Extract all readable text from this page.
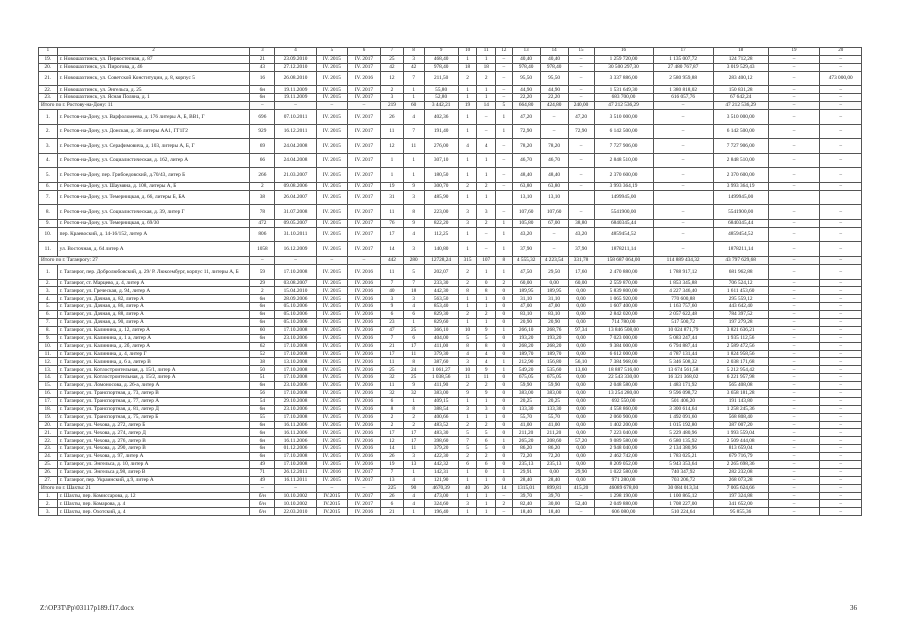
1	2	3	4	5	6	7	8	9	10	11	12	13	14	15	16	17	18	19	20
19.	г. Новошахтинск, ул. Первостепная, д. 87	21	23.09.2010	IV. 2015	IV. 2017	25	3	468,40	1	1	–	40,40	40,40	–	1 259 720,00	1 135 007,72	124 712,28	–	–
20.	г. Новошахтинск, ул. Пирогова, д. 46	43	27.12.2010	IV. 2015	IV. 2017	42	42	978,40	18	18	–	978,40	978,40	–	30 500 297,30	27 480 767,87	3 019 529,43	–	–
21.	г. Новошахтинск, ул. Советской Конституции, д. 8, корпус 5	16	26.08.2010	IV. 2015	IV. 2016	12	7	211,50	2	2	–	95,50	95,50	–	3 337 886,00	2 580 959,88	283 400,12	–	473 000,00
22.	г. Новошахтинск, ул. Энгельса, д. 25	6н	19.11.2009	IV. 2015	IV. 2017	2	1	55,80	1	1	–	44,90	44,90	–	1 531 649,30	1 380 818,02	150 831,28	–	–
23.	г. Новошахтинск, ул. Ясная Поляна, д. 1	6н	19.11.2009	IV. 2015	IV. 2017	3	1	52,80	1	1	–	22,20	22,20	–	683 700,00	616 057,76	67 642,24	–	–
Итого по г. Ростову-на-Дону: 11		–	–	–	–	219	60	3 442,21	19	14	5	664,80	424,80	240,00	47 212 536,29	–	47 212 536,29	–	–
1.	г. Ростов-на-Дону, ул. Варфоломеева, д. 176 литеры А, Б, ВВ1, Г	696	07.10.2011	IV. 2015	IV. 2017	26	4	402,36	1	–	1	47,20	–	47,20	3 510 000,00	–	3 510 000,00	–	–
2.	г. Ростов-на-Дону, ул. Донская, д. 36 литеры АА1, ГГ1Г2	929	16.12.2011	IV. 2015	IV. 2017	11	7	191,40	1	–	1	72,90	–	72,90	6 142 500,00	–	6 142 500,00	–	–
3.	г. Ростов-на-Дону, ул. Серафимовича, д. 103, литеры А, Б, Г	69	24.04.2008	IV. 2015	IV. 2017	12	11	276,00	4	4	–	78,20	78,20	–	7 727 906,00	–	7 727 906,00	–	–
4.	г. Ростов-на-Дону, ул. Социалистическая, д. 162, литер А	66	24.04.2008	IV. 2015	IV. 2017	1	1	307,10	1	1	–	46,70	46,70	–	2 848 510,00	–	2 848 510,00	–	–
5.	г. Ростов-на-Дону, пер. Грибоедовский, д.70/43, литер Б	266	21.03.2007	IV. 2015	IV. 2017	1	1	180,50	1	1	–	48,40	48,40	–	2 370 600,00	–	2 370 600,00	–	–
6.	г. Ростов-на-Дону, ул. Шаумяна, д. 108, литеры А, Б	2	09.08.2006	IV. 2015	IV. 2017	19	9	300,70	2	2	–	63,80	63,80	–	3 993 364,19	–	3 993 364,19	–	–
7.	г. Ростов-на-Дону, ул. Темерницкая, д. 66, литеры Б, БА	38	26.04.2007	IV. 2015	IV. 2017	31	3	485,90	1	1		13,10	13,10		1499945,00		1499945,00		
8.	г. Ростов-на-Дону, ул. Социалистическая, д. 39, литер Г	78	31.07.2008	IV. 2015	IV. 2017	11	8	223,00	3	3	–	107,60	107,60	–	5541900,00	–	5541900,00	–	–
9.	г. Ростов-на-Дону, ул. Темерницкая, д. 69/30	472	09.05.2007	IV. 2015	IV. 2017	76	9	822,20	3	2	1	105,80	67,00	38,80	6840345,44	–	6840345,44	–	–
10.	пер. Краевоский, д. 14-16/152, литер А	806	31.10.2011	IV. 2015	IV. 2017	17	4	112,25	1	–	1	43,20	–	43,20	4859454,52	–	4859454,52	–	–
11.	ул. Восточная, д. 64 литер А	1058	16.12.2009	IV. 2015	IV. 2017	14	3	140,80	1	–	1	37,90	–	37,90	1878211,14	–	1878211,14	–	–
Итого по г. Таганрогу: 27		–	–	–	–	442	280	12728,24	315	107	8	4 555,32	4 223,54	331,78	158 687 064,00	114 889 434,32	43 797 629,68	–	–
1.	г. Таганрог, пер. Добролюбовский, д. 29/ Р. Люксембург, корпус 11, литеры А, Б	59	17.10.2008	IV. 2015	IV. 2016	11	5	202,07	2	1	1	47,50	29,50	17,60	2 470 880,00	1 788 917,12	681 962,88	–	–
2.	г. Таганрог, ст. Марцево, д. 4, литер А	29	03.08.2007	IV. 2015	IV. 2016	7	7	233,30	2	0	2	60,00	0,00	60,00	2 559 870,00	1 853 345,88	706 524,12	–	–
3.	г. Таганрог, ул. Греческая, д. 94, литер А	2	15.04.2010	IV. 2015	IV. 2016	40	18	442,30	8	8	0	189,95	189,95	0,00	5 839 800,00	4 227 346,40	1 611 453,60	–	–
4.	г. Таганрог, ул. Дачная, д. 82, литер А	6н	28.09.2006	IV. 2015	IV. 2016	3	3	563,50	1	1	0	31,10	31,10	0,00	1 065 920,00	770 600,88	295 559,12	–	–
5.	г. Таганрог, ул. Дачная, д. 86, литер А	6н	05.10.2006	IV. 2015	IV. 2016	9	4	853,40	1	1	0	47,00	47,00	0,00	1 607 400,00	1 163 757,60	443 642,40	–	–
6.	г. Таганрог, ул. Дачная, д. 88, литер А	6н	05.10.2006	IV. 2015	IV. 2016	6	6	829,30	2	2	0	83,10	83,10	0,00	2 842 020,00	2 057 622,48	784 397,52	–	–
7.	г. Таганрог, ул. Дачная, д. 90, литер А	6н	05.10.2006	IV. 2015	IV. 2016	23	1	829,60	1	1	0	20,90	20,90	0,00	714 780,00	517 500,72	197 279,28	–	–
8.	г. Таганрог, ул. Калинина, д. 12, литер А	60	17.10.2008	IV. 2015	IV. 2016	47	25	366,10	10	9	1	266,10	268,76	97,34	13 846 508,00	10 024 871,79	3 821 636,21	–	–
9.	г. Таганрог, ул. Калинина, д. 1 а, литер А	6н	23.10.2006	IV. 2015	IV. 2016	7	6	404,00	5	5	0	193,20	193,20	0,00	7 023 000,00	5 083 247,44	1 935 112,56	–	–
10.	г. Таганрог, ул. Калинина, д. 2б, литер А	62	17.10.2008	IV. 2015	IV. 2016	21	17	411,00	8	8	0	268,20	268,20	0,00	9 384 000,00	6 794 887,44	2 589 472,56	–	–
11.	г. Таганрог, ул. Калинина, д. 4, литер Г	52	17.10.2008	IV. 2015	IV. 2016	17	11	379,30	4	4	0	189,70	189,70	0,00	6 612 000,00	4 787 131,44	1 824 958,56	–	–
12.	г. Таганрог, ул. Калинина, д. 6 а, литер В	38	13.10.2008	IV. 2015	IV. 2016	11	8	387,60	3	4	1	212,90	156,80	56,10	7 384 968,00	5 346 508,32	2 038 171,68	–	–
13.	г. Таганрог, ул. Котлостроительная, д. 15/1, литер А	50	17.10.2008	IV. 2015	IV. 2016	25	24	1 061,27	10	9	1	549,20	535,60	13,60	18 887 516,00	13 674 561,58	5 212 954,42	–	–
14.	г. Таганрог, ул. Котлостроительная, д. 15/2, литер А	51	17.10.2008	IV. 2015	IV. 2016	32	25	1 038,56	11	11	0	675,05	675,05	0,00	22 543 330,00	16 321 368,02	6 221 957,98	–	–
15.	г. Таганрог, ул. Ломоносова, д. 26-а, литер А	6н	23.10.2006	IV. 2015	IV. 2016	11	9	411,90	2	2	0	59,90	59,90	0,00	2 048 580,00	1 483 171,92	565 408,08	–	–
16.	г. Таганрог, ул. Транспортная, д. 73, литер В	56	17.10.2008	IV. 2015	IV. 2016	32	32	383,00	9	9	0	383,00	383,00	0,00	13 254 280,00	9 596 098,72	3 658 181,28	–	–
17.	г. Таганрог, ул. Транспортная, д. 77, литер А	54	29.10.2008	IV. 2015	IV. 2016	6	1	409,15	1	1	0	20,25	20,25	0,00	692 550,00	501 406,20	191 143,80	–	–
18.	г. Таганрог, ул. Транспортная, д. 81, литер Д	6н	23.10.2006	IV. 2015	IV. 2016	8	8	388,54	3	3	0	133,30	133,30	0,00	4 558 860,00	3 300 614,64	1 258 245,36	–	–
19.	г. Таганрог, ул. Транспортная, д. 75, литер Б	55	17.10.2008	IV. 2015	IV. 2016	2	2	400,66	1	1	0	55,70	55,70	0,00	2 060 900,00	1 492 091,60	568 808,40	–	–
20.	г. Таганрог, ул. Чехова, д. 272, литер Б	6н	16.11.2006	IV. 2015	IV. 2016	2	2	483,52	2	2	0	41,00	41,00	0,00	1 402 200,00	1 015 192,80	387 007,20	–	–
21.	г. Таганрог, ул. Чехова, д. 274, литер Д	6н	16.11.2006	IV. 2015	IV. 2016	17	17	483,30	5	5	0	211,20	211,20	0,00	7 223 040,00	5 229 480,96	1 993 559,04	–	–
22.	г. Таганрог, ул. Чехова, д. 276, литер В	6н	16.11.2006	IV. 2015	IV. 2016	12	17	398,60	7	6	1	265,20	208,60	57,20	9 089 580,00	6 580 135,92	2 509 444,08	–	–
23.	г. Таганрог, ул. Чехова, д. 290, литер В	6н	01.12.2006	IV. 2015	IV. 2016	14	11	379,20	5	5	0	86,20	86,20	0,00	2 948 040,00	2 134 380,96	813 659,04	–	–
24.	г. Таганрог, ул. Чехова, д. 97, литер А	6н	17.10.2008	IV. 2015	IV. 2016	26	3	422,30	2	2	0	72,20	72,20	0,00	2 462 742,00	1 783 025,21	679 716,79	–	–
25.	г. Таганрог, ул. Энгельса, д. 10, литер А	49	17.10.2008	IV. 2015	IV. 2016	19	13	442,32	6	6	0	235,13	235,13	0,00	8 209 052,00	5 943 353,64	2 265 698,36	–	–
26.	г. Таганрог, ул. Энгельса д.98, литер В	71	26.12.2011	IV. 2016	IV. 2017	7	1	142,31	1	0	1	29,91	0,00	29,90	1 022 580,00	740 347,92	282 232,08	–	–
27.	г. Таганрог, пер. Украинский, д.9, литер А	49	16.11.2011	IV. 2015	IV. 2017	13	4	121,90	1	1	0	28,40	28,40	0,00	971 280,00	703 206,72	268 073,28	–	–
Итого по г. Шахты: 21		–	–	–	–	225	90	4670,39	40	26	14	1315,01	899,81	415,20	46089 678,00	30 084 013,34	7 005 624,66	–	–
1.	г. Шахты, пер. Комиссарова, д. 12	б/н	10.10.2002	IV.2015	IV. 2017	26	4	473,00	1	1	–	39,70	39,70	–	1 298 190,00	1 100 865,12	197 324,88	–	–
2.	г. Шахты, пер. Комарова, д. 4	б/н	10.10.2002	IV.2015	IV. 2017	6	4	324,60	3	1	2	82,40	30,00	52,40	2 049 880,00	1 708 227,00	341 652,00	–	–
3.	г. Шахты, пер. Охотский, д. 4	б/н	22.03.2010	IV.2015	IV. 2016	21	1	196,40	1	1	–	18,40	18,40	–	606 080,00	510 224,64	95 855,36	–	–
Z:\ОРЗТ\Pp\03117p189.f17.docx	36
